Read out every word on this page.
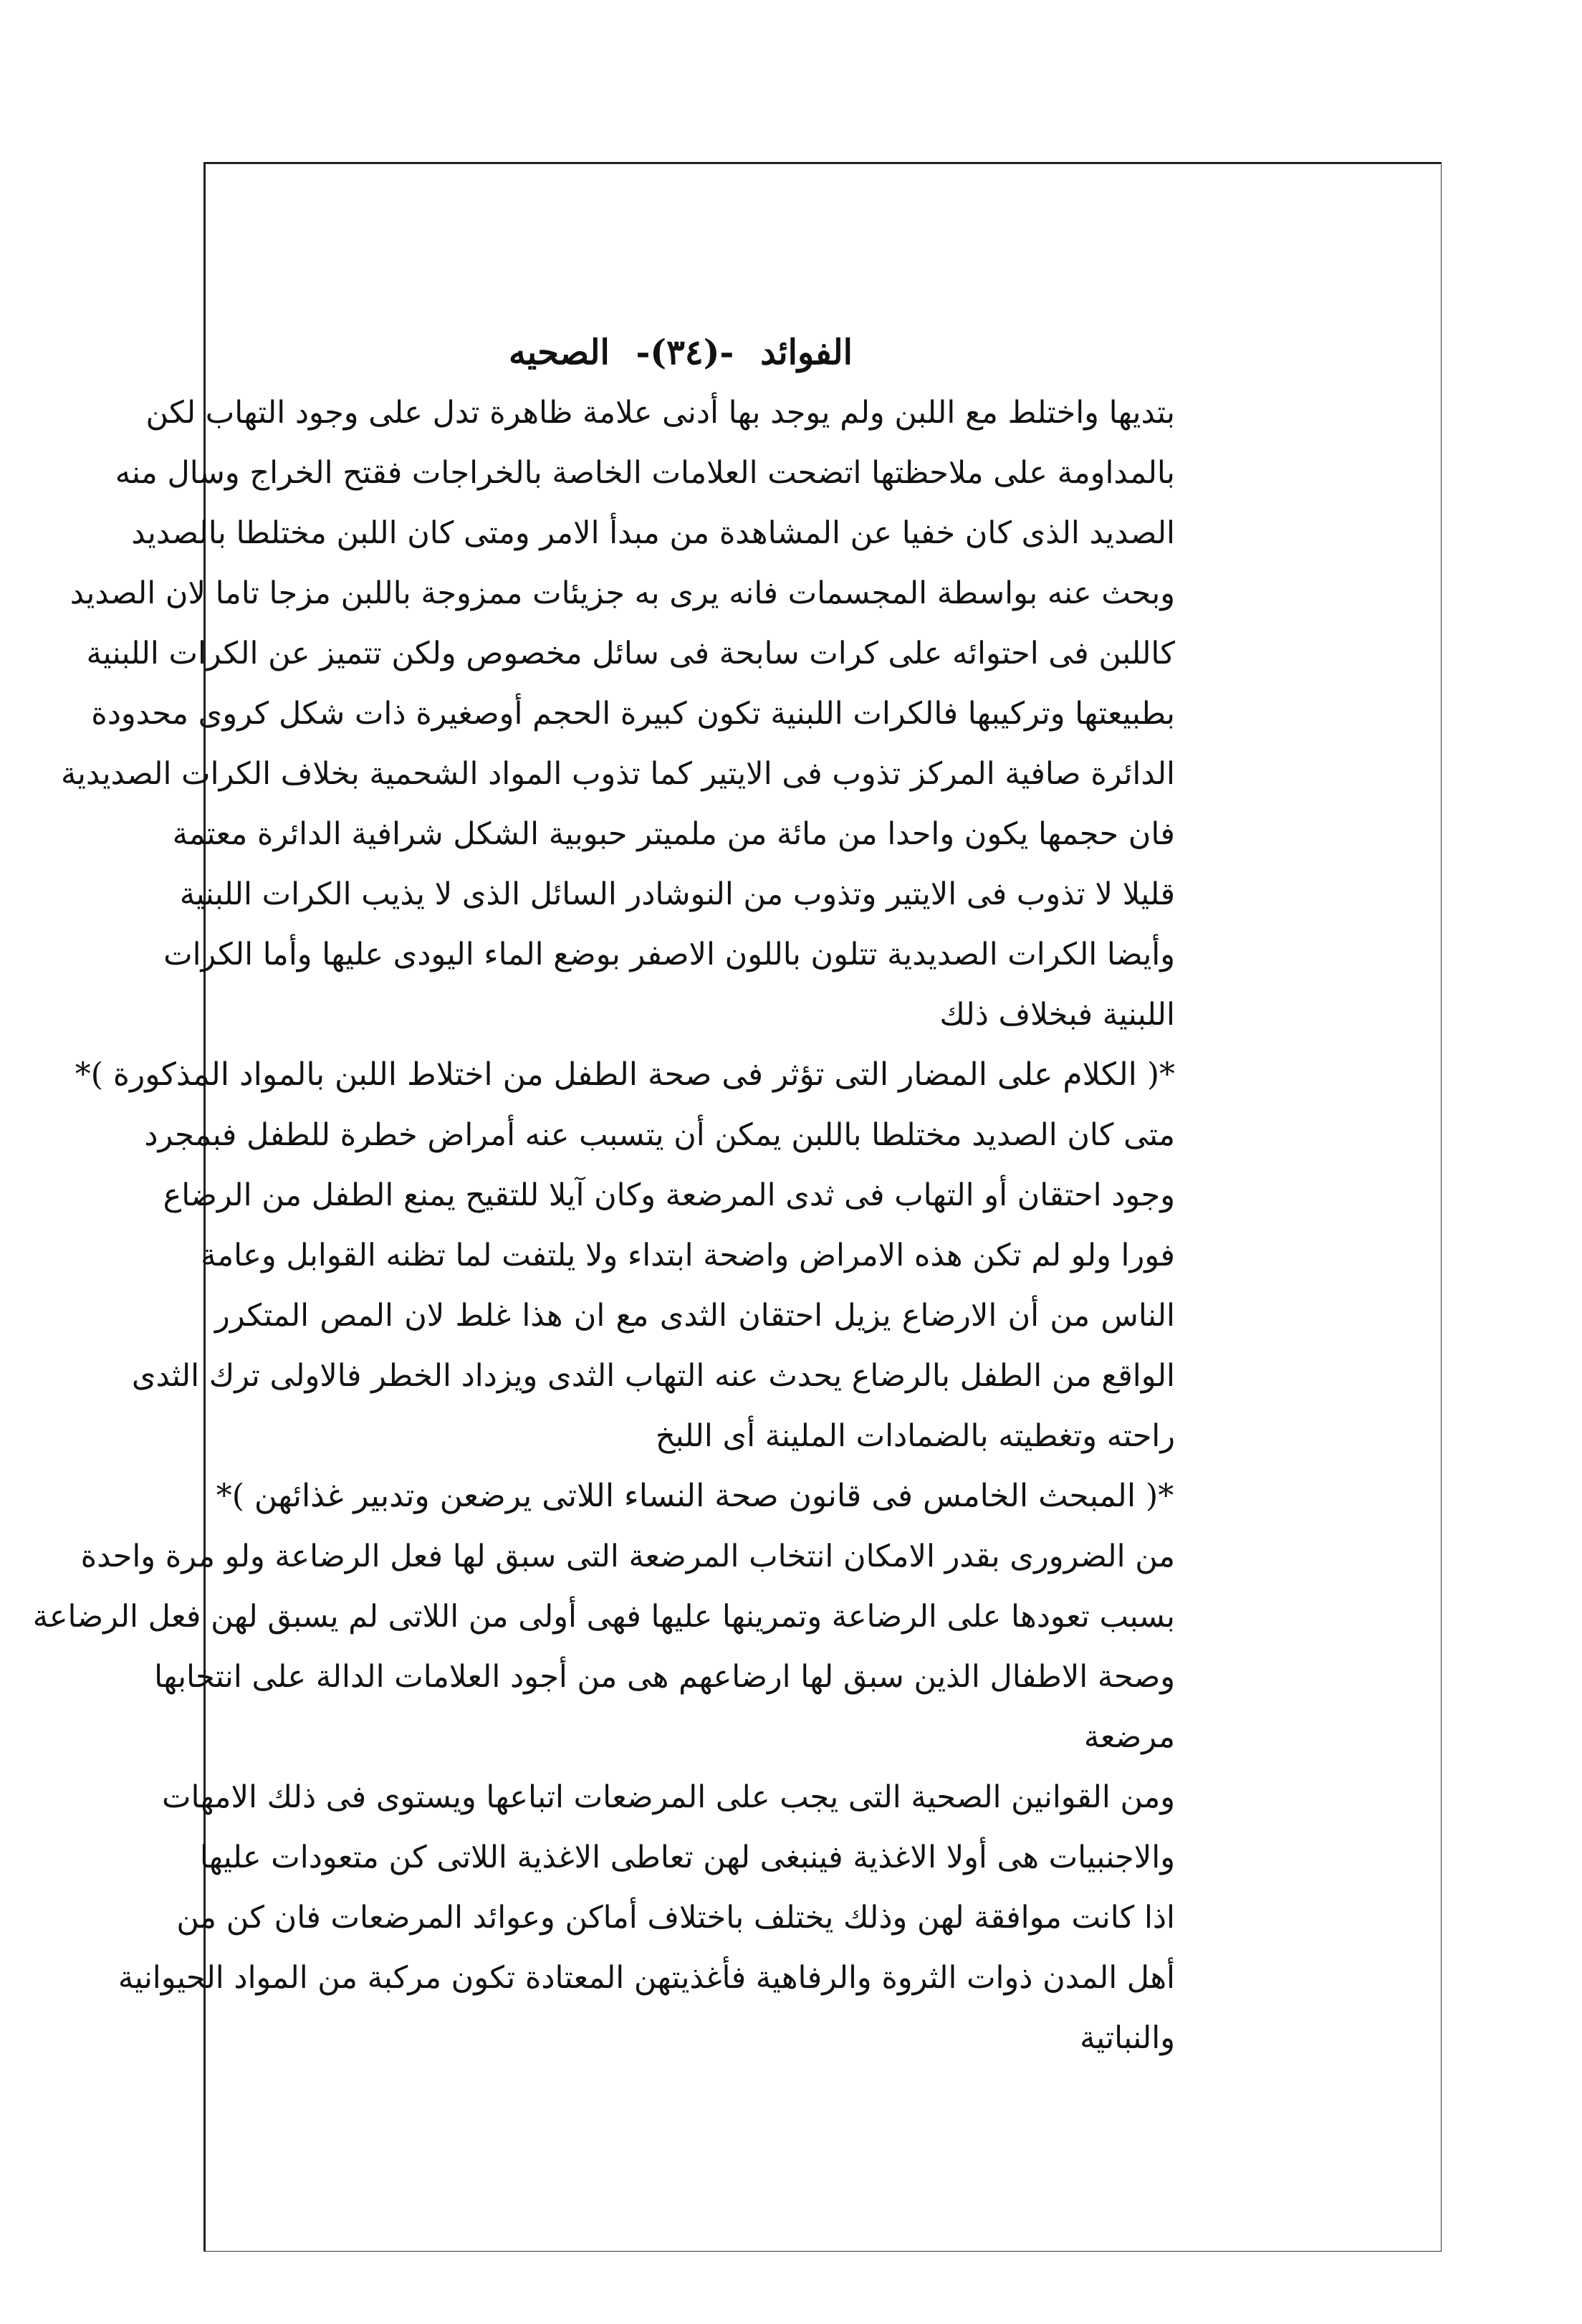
الفوائد -(٣٤)- الصحيه
بتديها واختلط مع اللبن ولم يوجد بها أدنى علامة ظاهرة تدل على وجود التهاب لكن
بالمداومة على ملاحظتها اتضحت العلامات الخاصة بالخراجات فقتح الخراج وسال منه
الصديد الذى كان خفيا عن المشاهدة من مبدأ الامر ومتى كان اللبن مختلطا بالصديد
وبحث عنه بواسطة المجسمات فانه يرى به جزيئات ممزوجة باللبن مزجا تاما لان الصديد
كاللبن فى احتوائه على كرات سابحة فى سائل مخصوص ولكن تتميز عن الكرات اللبنية
بطبيعتها وتركيبها فالكرات اللبنية تكون كبيرة الحجم أوصغيرة ذات شكل كروى محدودة
الدائرة صافية المركز تذوب فى الايتير كما تذوب المواد الشحمية بخلاف الكرات الصديدية
فان حجمها يكون واحدا من مائة من ملميتر حبوبية الشكل شرافية الدائرة معتمة
قليلا لا تذوب فى الايتير وتذوب من النوشادر السائل الذى لا يذيب الكرات اللبنية
وأيضا الكرات الصديدية تتلون باللون الاصفر بوضع الماء اليودى عليها وأما الكرات
اللبنية فبخلاف ذلك
*( الكلام على المضار التى تؤثر فى صحة الطفل من اختلاط اللبن بالمواد المذكورة )*
متى كان الصديد مختلطا باللبن يمكن أن يتسبب عنه أمراض خطرة للطفل فبمجرد
وجود احتقان أو التهاب فى ثدى المرضعة وكان آيلا للتقيح يمنع الطفل من الرضاع
فورا ولو لم تكن هذه الامراض واضحة ابتداء ولا يلتفت لما تظنه القوابل وعامة
الناس من أن الارضاع يزيل احتقان الثدى مع ان هذا غلط لان المص المتكرر
الواقع من الطفل بالرضاع يحدث عنه التهاب الثدى ويزداد الخطر فالاولى ترك الثدى
راحته وتغطيته بالضمادات الملينة أى اللبخ
*( المبحث الخامس فى قانون صحة النساء اللاتى يرضعن وتدبير غذائهن )*
من الضرورى بقدر الامكان انتخاب المرضعة التى سبق لها فعل الرضاعة ولو مرة واحدة
بسبب تعودها على الرضاعة وتمرينها عليها فهى أولى من اللاتى لم يسبق لهن فعل الرضاعة
وصحة الاطفال الذين سبق لها ارضاعهم هى من أجود العلامات الدالة على انتخابها
مرضعة
ومن القوانين الصحية التى يجب على المرضعات اتباعها ويستوى فى ذلك الامهات
والاجنبيات هى أولا الاغذية فينبغى لهن تعاطى الاغذية اللاتى كن متعودات عليها
اذا كانت موافقة لهن وذلك يختلف باختلاف أماكن وعوائد المرضعات فان كن من
أهل المدن ذوات الثروة والرفاهية فأغذيتهن المعتادة تكون مركبة من المواد الحيوانية
والنباتية
